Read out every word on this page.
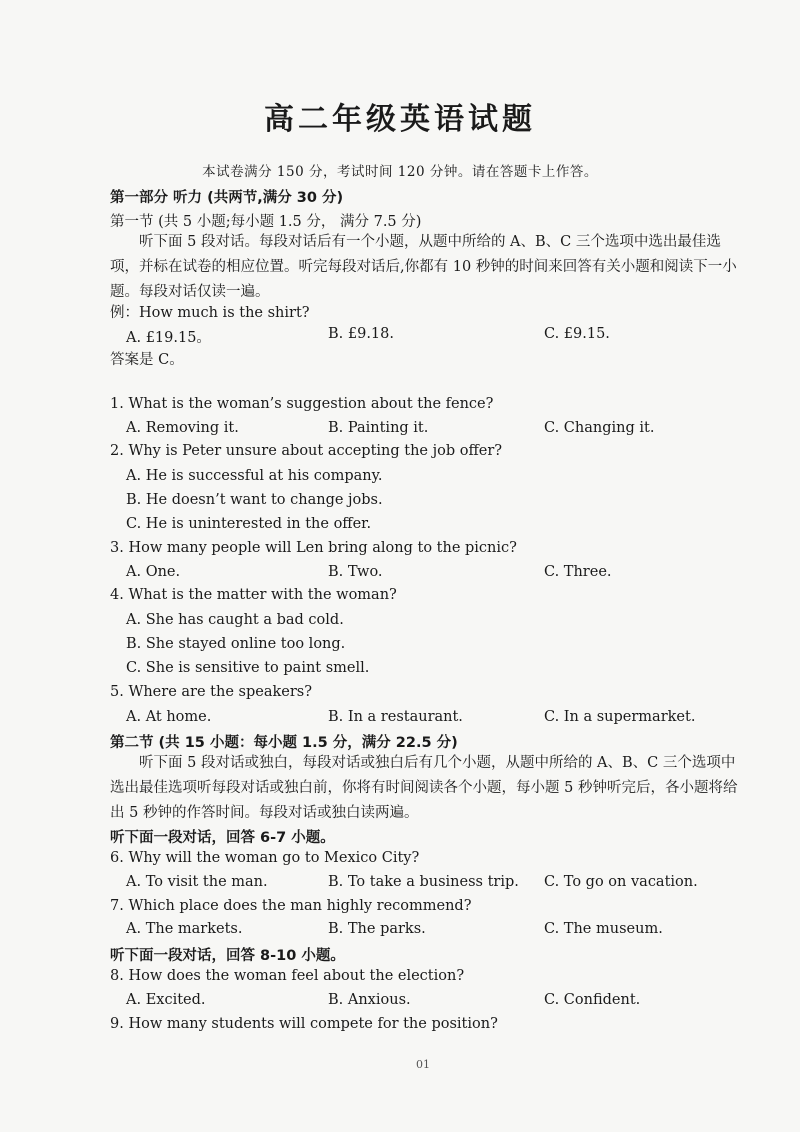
高二年级英语试题
本试卷满分 150 分，考试时间 120 分钟。请在答题卡上作答。
第一部分 听力 (共两节,满分 30 分)
第一节 (共 5 小题;每小题 1.5 分， 满分 7.5 分)
听下面 5 段对话。每段对话后有一个小题，从题中所给的 A、B、C 三个选项中选出最佳选项，并标在试卷的相应位置。听完每段对话后,你都有 10 秒钟的时间来回答有关小题和阅读下一小题。每段对话仅读一遍。
例：How much is the shirt?
A. £19.15。	B. £9.18.	C. £9.15.
答案是 C。
1. What is the woman’s suggestion about the fence?
A. Removing it.	B. Painting it.	C. Changing it.
2. Why is Peter unsure about accepting the job offer?
A. He is successful at his company.
B. He doesn’t want to change jobs.
C. He is uninterested in the offer.
3. How many people will Len bring along to the picnic?
A. One.	B. Two.	C. Three.
4. What is the matter with the woman?
A. She has caught a bad cold.
B. She stayed online too long.
C. She is sensitive to paint smell.
5. Where are the speakers?
A. At home.	B. In a restaurant.	C. In a supermarket.
第二节 (共 15 小题：每小题 1.5 分，满分 22.5 分)
听下面 5 段对话或独白，每段对话或独白后有几个小题，从题中所给的 A、B、C 三个选项中选出最佳选项听每段对话或独白前，你将有时间阅读各个小题，每小题 5 秒钟听完后，各小题将给出 5 秒钟的作答时间。每段对话或独白读两遍。
听下面一段对话，回答 6-7 小题。
6. Why will the woman go to Mexico City?
A. To visit the man.	B. To take a business trip. C. To go on vacation.
7. Which place does the man highly recommend?
A. The markets.	B. The parks.	C. The museum.
听下面一段对话，回答 8-10 小题。
8. How does the woman feel about the election?
A. Excited.	B. Anxious.	C. Confident.
9. How many students will compete for the position?
01
